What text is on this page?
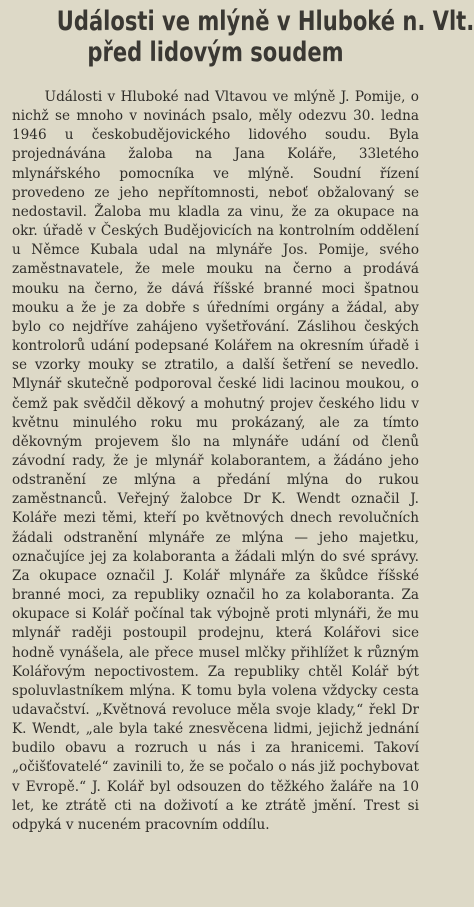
Události ve mlýně v Hluboké n. Vlt.
před lidovým soudem

Události v Hluboké nad Vltavou ve mlýně J. Pomije, o nichž se mnoho v novinách psalo, měly odezvu 30. ledna 1946 u českobudějovického lidového soudu. Byla projednávána žaloba na Jana Koláře, 33letého mlynářského pomocníka ve mlýně. Soudní řízení provedeno ze jeho nepřítomnosti, neboť obžalovaný se nedostavil. Žaloba mu kladla za vinu, že za okupace na okr. úřadě v Českých Budějovicích na kontrolním oddělení u Němce Kubala udal na mlynáře Jos. Pomije, svého zaměstnavatele, že mele mouku na černo a prodává mouku na černo, že dává říšské branné moci špatnou mouku a že je za dobře s úředními orgány a žádal, aby bylo co nejdříve zahájeno vyšetřování. Záslihou českých kontrolorů udání podepsané Kolářem na okresním úřadě i se vzorky mouky se ztratilo, a další šetření se nevedlo. Mlynář skutečně podporoval české lidi lacinou moukou, o čemž pak svědčil děkový a mohutný projev českého lidu v květnu minulého roku mu prokázaný, ale za tímto děkovným projevem šlo na mlynáře udání od členů závodní rady, že je mlynář kolaborantem, a žádáno jeho odstranění ze mlýna a předání mlýna do rukou zaměstnanců. Veřejný žalobce Dr K. Wendt označil J. Koláře mezi těmi, kteří po květnových dnech revolučních žádali odstranění mlynáře ze mlýna — jeho majetku, označujíce jej za kolaboranta a žádali mlýn do své správy. Za okupace označil J. Kolář mlynáře za škůdce říšské branné moci, za republiky označil ho za kolaboranta. Za okupace si Kolář počínal tak výbojně proti mlynáři, že mu mlynář raději postoupil prodejnu, která Kolářovi sice hodně vynášela, ale přece musel mlčky přihlížet k různým Kolářovým nepoctivostem. Za republiky chtěl Kolář být spoluvlastníkem mlýna. K tomu byla volena vždycky cesta udavačství. „Květnová revoluce měla svoje klady,“ řekl Dr K. Wendt, „ale byla také znesvěcena lidmi, jejichž jednání budilo obavu a rozruch u nás i za hranicemi. Takoví „očišťovatelé“ zavinili to, že se počalo o nás již pochybovat v Evropě.“ J. Kolář byl odsouzen do těžkého žaláře na 10 let, ke ztrátě cti na doživotí a ke ztrátě jmění. Trest si odpyká v nuceném pracovním oddílu.
